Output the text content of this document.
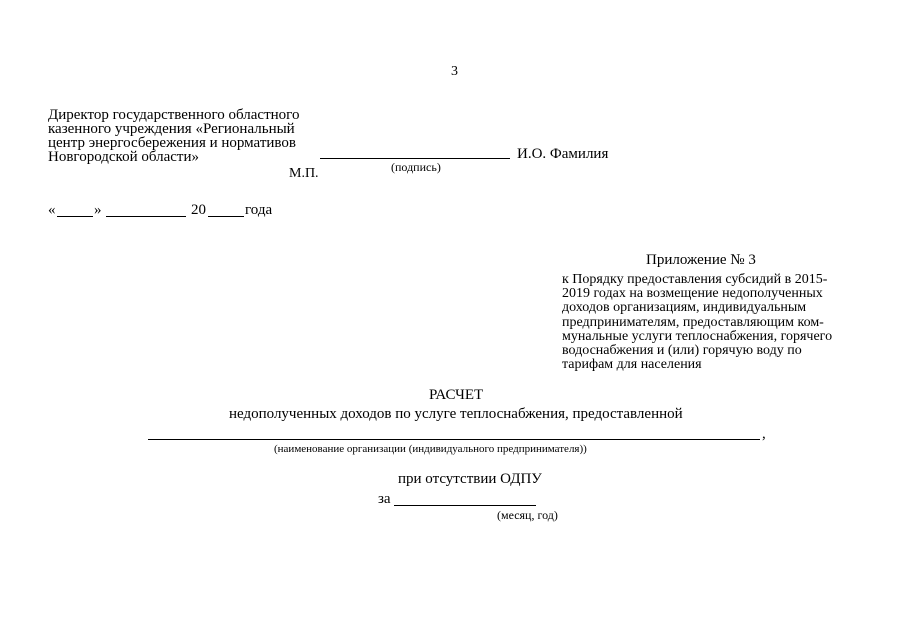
3
Директор государственного областного
казенного учреждения «Региональный
центр энергосбережения и нормативов
Новгородской области»	И.О. Фамилия
(подпись)
М.П.
«	»	20	года
Приложение № 3
к Порядку предоставления субсидий в 2015-
2019 годах на возмещение недополученных
доходов организациям, индивидуальным
предпринимателям, предоставляющим ком-
мунальные услуги теплоснабжения, горячего
водоснабжения и (или) горячую воду по
тарифам для населения
РАСЧЕТ
недополученных доходов по услуге теплоснабжения, предоставленной
,
(наименование организации (индивидуального предпринимателя))
при отсутствии ОДПУ
за
(месяц, год)
